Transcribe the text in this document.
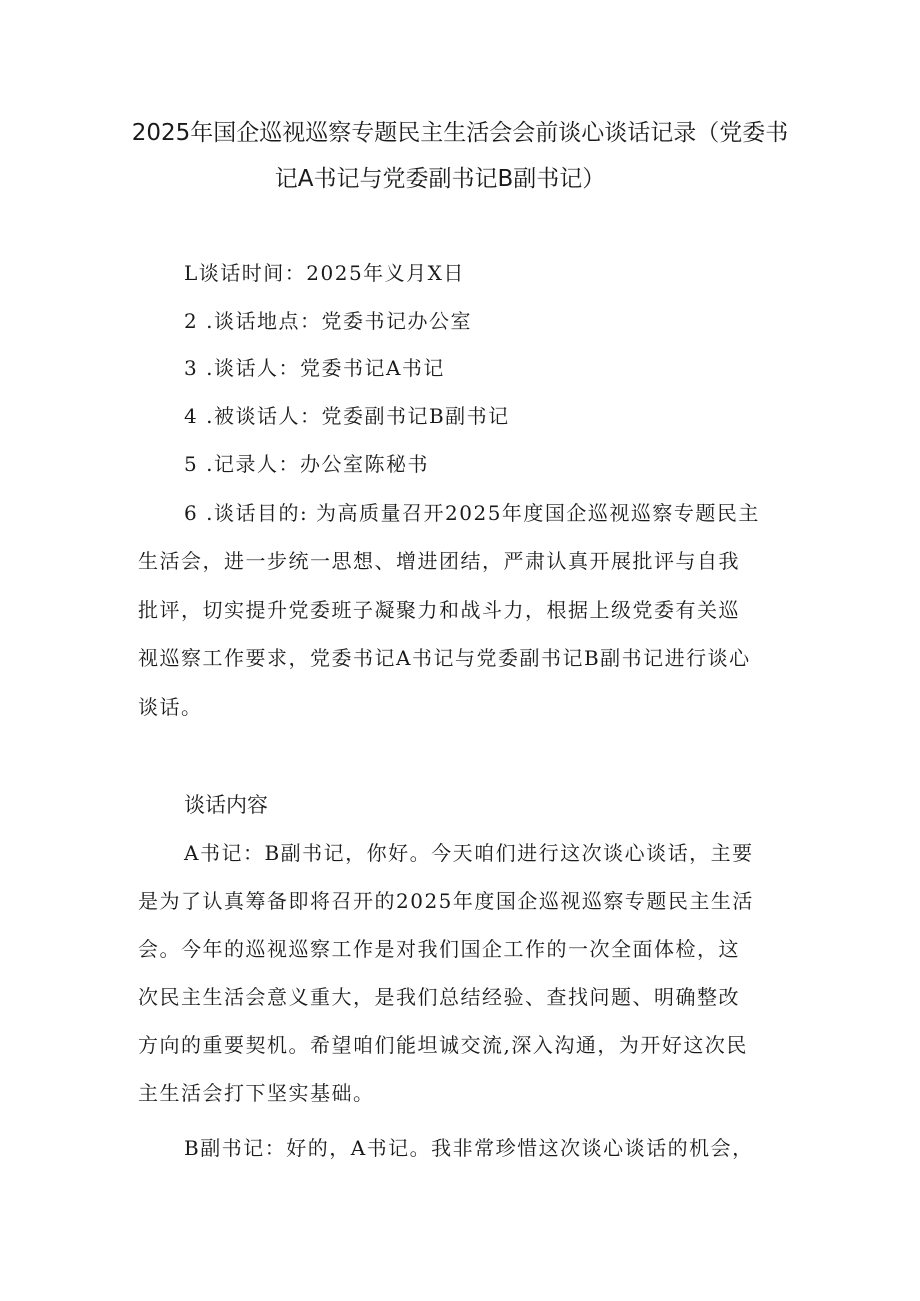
2025年国企巡视巡察专题民主生活会会前谈心谈话记录（党委书
记A书记与党委副书记B副书记）
L谈话时间：2025年义月X日
2 .谈话地点：党委书记办公室
3 .谈话人：党委书记A书记
4 .被谈话人：党委副书记B副书记
5 .记录人：办公室陈秘书
6 .谈话目的: 为高质量召开2025年度国企巡视巡察专题民主
生活会，进一步统一思想、增进团结，严肃认真开展批评与自我
批评，切实提升党委班子凝聚力和战斗力，根据上级党委有关巡
视巡察工作要求，党委书记A书记与党委副书记B副书记进行谈心
谈话。
谈话内容
A书记：B副书记，你好。今天咱们进行这次谈心谈话，主要
是为了认真筹备即将召开的2025年度国企巡视巡察专题民主生活
会。今年的巡视巡察工作是对我们国企工作的一次全面体检，这
次民主生活会意义重大，是我们总结经验、查找问题、明确整改
方向的重要契机。希望咱们能坦诚交流,深入沟通，为开好这次民
主生活会打下坚实基础。
B副书记：好的，A书记。我非常珍惜这次谈心谈话的机会，
